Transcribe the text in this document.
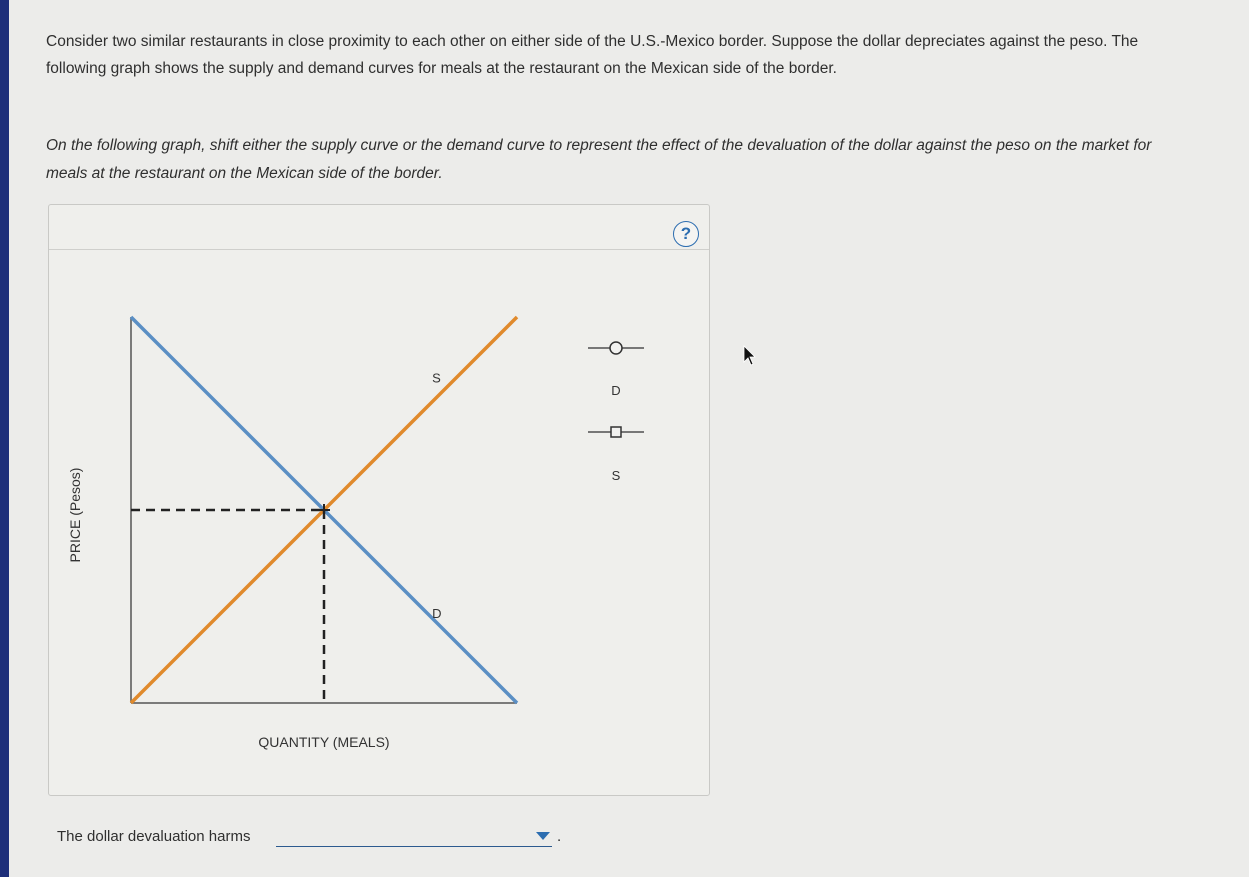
Consider two similar restaurants in close proximity to each other on either side of the U.S.-Mexico border. Suppose the dollar depreciates against the peso. The following graph shows the supply and demand curves for meals at the restaurant on the Mexican side of the border.
On the following graph, shift either the supply curve or the demand curve to represent the effect of the devaluation of the dollar against the peso on the market for meals at the restaurant on the Mexican side of the border.
?
S
D
QUANTITY (MEALS)
PRICE (Pesos)
D
S
The dollar devaluation harms	.
